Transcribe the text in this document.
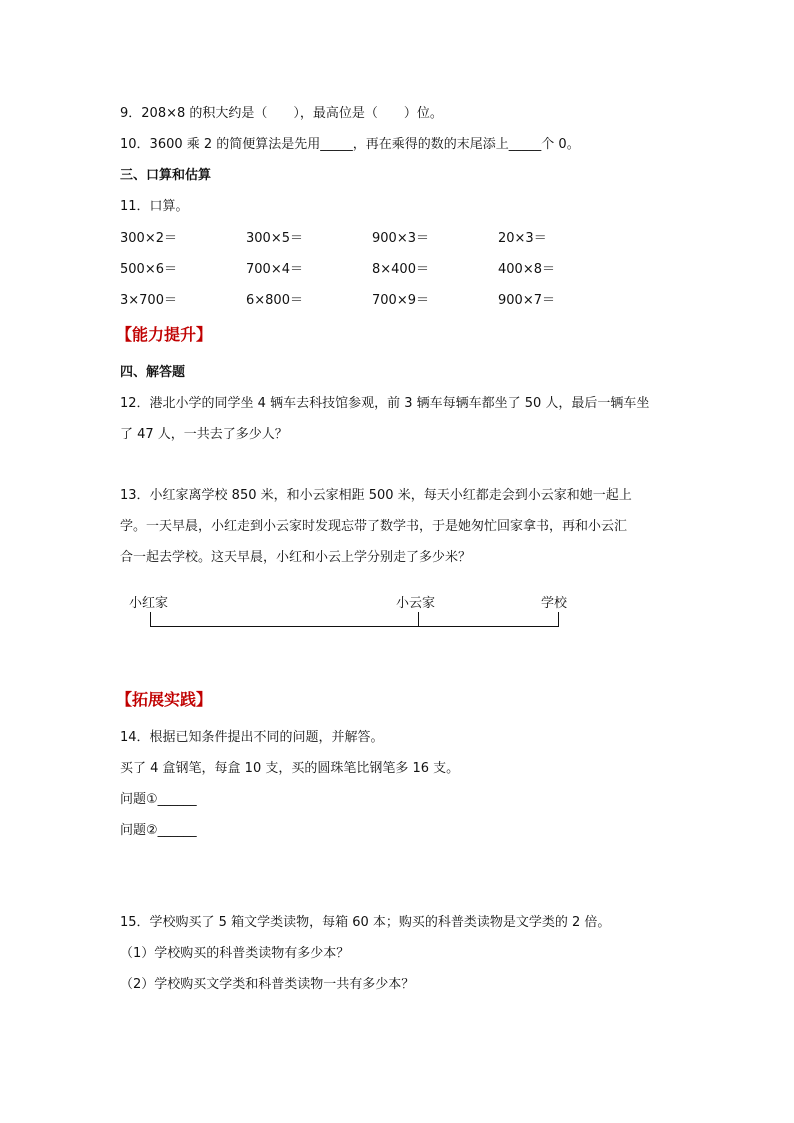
9．208×8 的积大约是（　　），最高位是（　　）位。
10．3600 乘 2 的简便算法是先用_____，再在乘得的数的末尾添上_____个 0。
三、口算和估算
11．口算。
300×2＝	300×5＝	900×3＝	20×3＝
500×6＝	700×4＝	8×400＝	400×8＝
3×700＝	6×800＝	700×9＝	900×7＝
【能力提升】
四、解答题
12．港北小学的同学坐 4 辆车去科技馆参观，前 3 辆车每辆车都坐了 50 人，最后一辆车坐
了 47 人，一共去了多少人？
13．小红家离学校 850 米，和小云家相距 500 米，每天小红都走会到小云家和她一起上
学。一天早晨，小红走到小云家时发现忘带了数学书，于是她匆忙回家拿书，再和小云汇
合一起去学校。这天早晨，小红和小云上学分别走了多少米？
小红家	小云家	学校
【拓展实践】
14．根据已知条件提出不同的问题，并解答。
买了 4 盒钢笔，每盒 10 支，买的圆珠笔比钢笔多 16 支。
问题①______
问题②______
15．学校购买了 5 箱文学类读物，每箱 60 本；购买的科普类读物是文学类的 2 倍。
（1）学校购买的科普类读物有多少本？
（2）学校购买文学类和科普类读物一共有多少本？
